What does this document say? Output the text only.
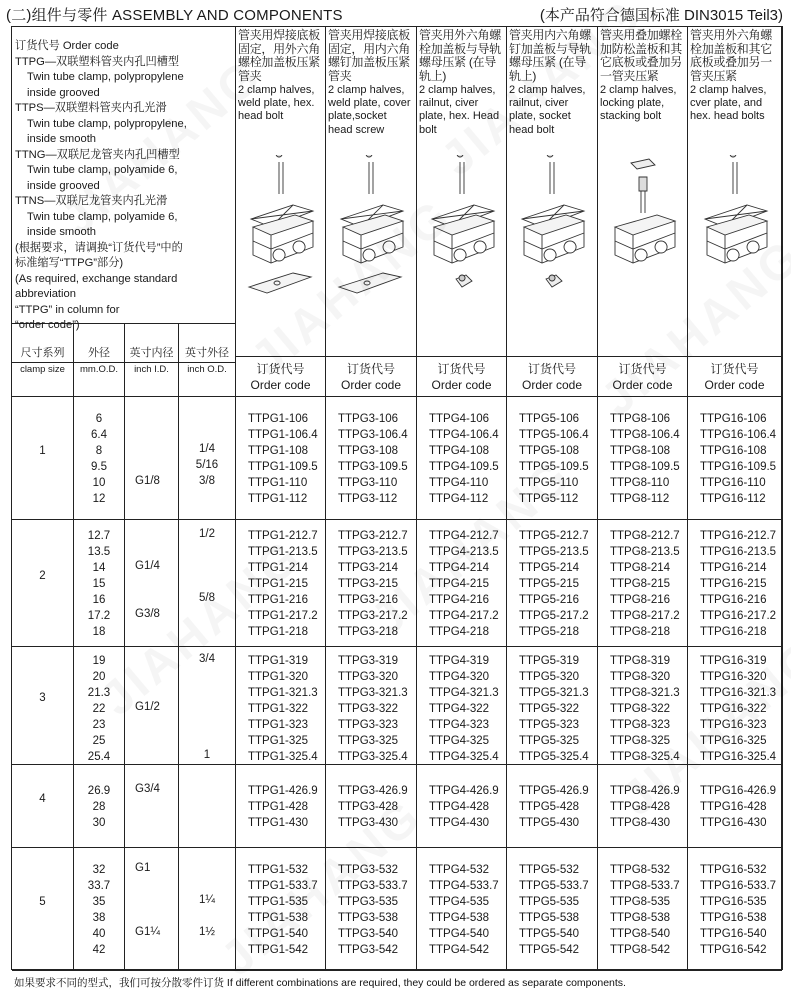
(二)组件与零件 ASSEMBLY AND COMPONENTS	(本产品符合德国标准 DIN3015 Teil3)
订货代号 Order code
TTPG—双联塑料管夹内孔凹槽型
Twin tube clamp, polypropylene
inside grooved
TTPS—双联塑料管夹内孔光滑
Twin tube clamp, polypropylene,
inside smooth
TTNG—双联尼龙管夹内孔凹槽型
Twin tube clamp, polyamide 6,
inside grooved
TTNS—双联尼龙管夹内孔光滑
Twin tube clamp, polyamide 6,
inside smooth
(根据要求，请调换“订货代号”中的
标准缩写“TTPG”部分)
(As required, exchange standard abbreviation
“TTPG” in column for
“order code”)
尺寸系列
clamp size
外径
mm.O.D.
英寸内径
inch I.D.
英寸外径
inch O.D.
管夹用焊接底板固定，用外六角螺栓加盖板压紧管夹
2 clamp halves, weld plate, hex. head bolt
订货代号
Order code
管夹用焊接底板固定，用内六角螺钉加盖板压紧管夹
2 clamp halves, weld plate, cover plate,socket head screw
订货代号
Order code
管夹用外六角螺栓加盖板与导轨螺母压紧 (在导轨上)
2 clamp halves, railnut, civer plate, hex. Head bolt
订货代号
Order code
管夹用内六角螺钉加盖板与导轨螺母压紧 (在导轨上)
2 clamp halves, railnut, civer plate, socket head bolt
订货代号
Order code
管夹用叠加螺栓加防松盖板和其它底板或叠加另一管夹压紧
2 clamp halves, locking plate, stacking bolt
订货代号
Order code
管夹用外六角螺栓加盖板和其它底板或叠加另一管夹压紧
2 clamp halves, cver plate, and hex. head bolts
订货代号
Order code
1
6
6.4
8
9.5
10
12
G1/8
1/4
5/16
3/8
TTPG1-106
TTPG1-106.4
TTPG1-108
TTPG1-109.5
TTPG1-110
TTPG1-112
TTPG3-106
TTPG3-106.4
TTPG3-108
TTPG3-109.5
TTPG3-110
TTPG3-112
TTPG4-106
TTPG4-106.4
TTPG4-108
TTPG4-109.5
TTPG4-110
TTPG4-112
TTPG5-106
TTPG5-106.4
TTPG5-108
TTPG5-109.5
TTPG5-110
TTPG5-112
TTPG8-106
TTPG8-106.4
TTPG8-108
TTPG8-109.5
TTPG8-110
TTPG8-112
TTPG16-106
TTPG16-106.4
TTPG16-108
TTPG16-109.5
TTPG16-110
TTPG16-112
2
12.7
13.5
14
15
16
17.2
18
G1/4
G3/8
1/2
5/8
TTPG1-212.7
TTPG1-213.5
TTPG1-214
TTPG1-215
TTPG1-216
TTPG1-217.2
TTPG1-218
TTPG3-212.7
TTPG3-213.5
TTPG3-214
TTPG3-215
TTPG3-216
TTPG3-217.2
TTPG3-218
TTPG4-212.7
TTPG4-213.5
TTPG4-214
TTPG4-215
TTPG4-216
TTPG4-217.2
TTPG4-218
TTPG5-212.7
TTPG5-213.5
TTPG5-214
TTPG5-215
TTPG5-216
TTPG5-217.2
TTPG5-218
TTPG8-212.7
TTPG8-213.5
TTPG8-214
TTPG8-215
TTPG8-216
TTPG8-217.2
TTPG8-218
TTPG16-212.7
TTPG16-213.5
TTPG16-214
TTPG16-215
TTPG16-216
TTPG16-217.2
TTPG16-218
3
19
20
21.3
22
23
25
25.4
G1/2
3/4
1
TTPG1-319
TTPG1-320
TTPG1-321.3
TTPG1-322
TTPG1-323
TTPG1-325
TTPG1-325.4
TTPG3-319
TTPG3-320
TTPG3-321.3
TTPG3-322
TTPG3-323
TTPG3-325
TTPG3-325.4
TTPG4-319
TTPG4-320
TTPG4-321.3
TTPG4-322
TTPG4-323
TTPG4-325
TTPG4-325.4
TTPG5-319
TTPG5-320
TTPG5-321.3
TTPG5-322
TTPG5-323
TTPG5-325
TTPG5-325.4
TTPG8-319
TTPG8-320
TTPG8-321.3
TTPG8-322
TTPG8-323
TTPG8-325
TTPG8-325.4
TTPG16-319
TTPG16-320
TTPG16-321.3
TTPG16-322
TTPG16-323
TTPG16-325
TTPG16-325.4
4
26.9
28
30
G3/4	TTPG1-426.9
TTPG1-428
TTPG1-430
TTPG3-426.9
TTPG3-428
TTPG3-430
TTPG4-426.9
TTPG4-428
TTPG4-430
TTPG5-426.9
TTPG5-428
TTPG5-430
TTPG8-426.9
TTPG8-428
TTPG8-430
TTPG16-426.9
TTPG16-428
TTPG16-430
5
32
33.7
35
38
40
42
G1
G1¼
1¼
1½
TTPG1-532
TTPG1-533.7
TTPG1-535
TTPG1-538
TTPG1-540
TTPG1-542
TTPG3-532
TTPG3-533.7
TTPG3-535
TTPG3-538
TTPG3-540
TTPG3-542
TTPG4-532
TTPG4-533.7
TTPG4-535
TTPG4-538
TTPG4-540
TTPG4-542
TTPG5-532
TTPG5-533.7
TTPG5-535
TTPG5-538
TTPG5-540
TTPG5-542
TTPG8-532
TTPG8-533.7
TTPG8-535
TTPG8-538
TTPG8-540
TTPG8-542
TTPG16-532
TTPG16-533.7
TTPG16-535
TTPG16-538
TTPG16-540
TTPG16-542
如果要求不同的型式，我们可按分散零件订货 If different combinations are required, they could be ordered as separate components.
